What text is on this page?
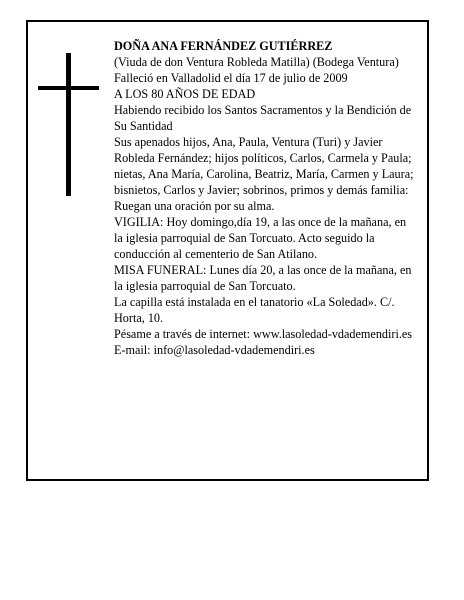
DOÑA ANA FERNÁNDEZ GUTIÉRREZ

(Viuda de don Ventura Robleda Matilla) (Bodega Ventura)

Falleció en Valladolid el día 17 de julio de 2009

A LOS 80 AÑOS DE EDAD

Habiendo recibido los Santos Sacramentos y la Bendición de Su Santidad

Sus apenados hijos, Ana, Paula, Ventura (Turi) y Javier Robleda Fernández; hijos políticos, Carlos, Carmela y Paula; nietas, Ana María, Carolina, Beatriz, María, Carmen y Laura; bisnietos, Carlos y Javier; sobrinos, primos y demás familia:

Ruegan una oración por su alma.

VIGILIA: Hoy domingo,día 19, a las once de la mañana, en la iglesia parroquial de San Torcuato. Acto seguido la conducción al cementerio de San Atilano.

MISA FUNERAL: Lunes día 20, a las once de la mañana, en la iglesia parroquial de San Torcuato.

La capilla está instalada en el tanatorio «La Soledad». C/. Horta, 10.

Pésame a través de internet: www.lasoledad-vdademendiri.es

E-mail: info@lasoledad-vdademendiri.es
